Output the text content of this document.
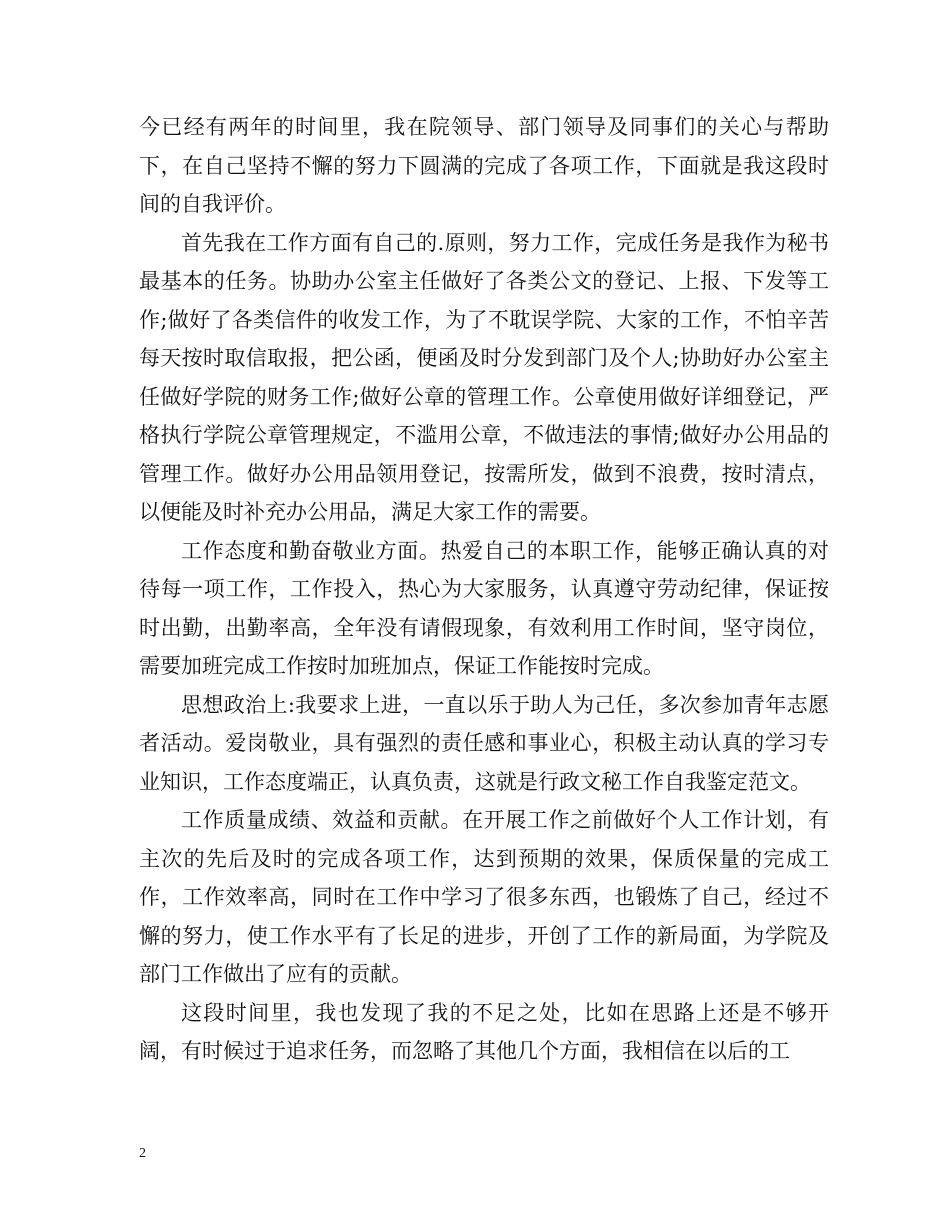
今已经有两年的时间里，我在院领导、部门领导及同事们的关心与帮助下，在自己坚持不懈的努力下圆满的完成了各项工作，下面就是我这段时间的自我评价。

首先我在工作方面有自己的.原则，努力工作，完成任务是我作为秘书最基本的任务。协助办公室主任做好了各类公文的登记、上报、下发等工作;做好了各类信件的收发工作，为了不耽误学院、大家的工作，不怕辛苦每天按时取信取报，把公函，便函及时分发到部门及个人;协助好办公室主任做好学院的财务工作;做好公章的管理工作。公章使用做好详细登记，严格执行学院公章管理规定，不滥用公章，不做违法的事情;做好办公用品的管理工作。做好办公用品领用登记，按需所发，做到不浪费，按时清点，以便能及时补充办公用品，满足大家工作的需要。

工作态度和勤奋敬业方面。热爱自己的本职工作，能够正确认真的对待每一项工作，工作投入，热心为大家服务，认真遵守劳动纪律，保证按时出勤，出勤率高，全年没有请假现象，有效利用工作时间，坚守岗位，需要加班完成工作按时加班加点，保证工作能按时完成。

思想政治上:我要求上进，一直以乐于助人为己任，多次参加青年志愿者活动。爱岗敬业，具有强烈的责任感和事业心，积极主动认真的学习专业知识，工作态度端正，认真负责，这就是行政文秘工作自我鉴定范文。

工作质量成绩、效益和贡献。在开展工作之前做好个人工作计划，有主次的先后及时的完成各项工作，达到预期的效果，保质保量的完成工作，工作效率高，同时在工作中学习了很多东西，也锻炼了自己，经过不懈的努力，使工作水平有了长足的进步，开创了工作的新局面，为学院及部门工作做出了应有的贡献。

这段时间里，我也发现了我的不足之处，比如在思路上还是不够开阔，有时候过于追求任务，而忽略了其他几个方面，我相信在以后的工

2
